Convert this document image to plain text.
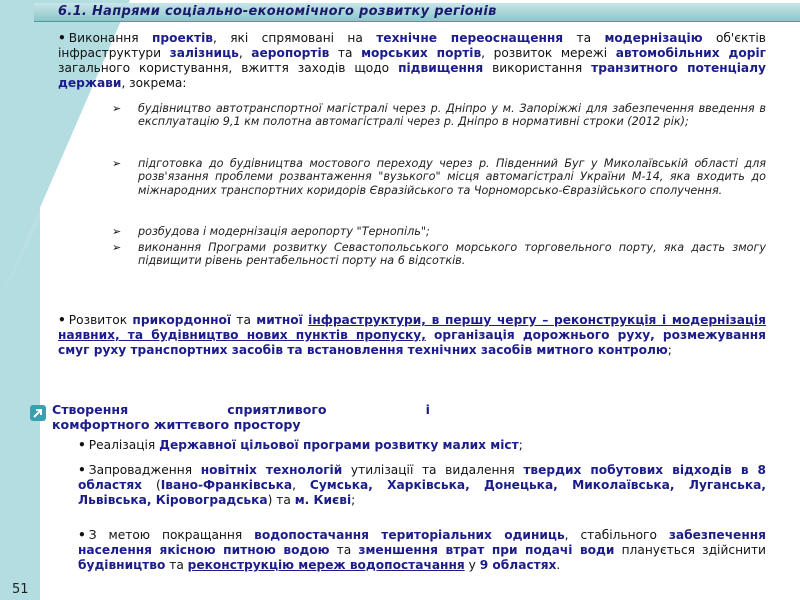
6.1. Напрями соціально-економічного розвитку регіонів
• Виконання проектів, які спрямовані на технічне переоснащення та модернізацію об'єктів інфраструктури залізниць, аеропортів та морських портів, розвиток мережі автомобільних доріг загального користування, вжиття заходів щодо підвищення використання транзитного потенціалу держави, зокрема:
➢ будівництво автотранспортної магістралі через р. Дніпро у м. Запоріжжі для забезпечення введення в експлуатацію 9,1 км полотна автомагістралі через р. Дніпро в нормативні строки (2012 рік);
➢ підготовка до будівництва мостового переходу через р. Південний Буг у Миколаївській області для розв'язання проблеми розвантаження "вузького" місця автомагістралі України М-14, яка входить до міжнародних транспортних коридорів Євразійського та Чорноморсько-Євразійського сполучення.
➢ розбудова і модернізація аеропорту "Тернопіль";
➢ виконання Програми розвитку Севастопольського морського торговельного порту, яка дасть змогу підвищити рівень рентабельності порту на 6 відсотків.
• Розвиток прикордонної та митної інфраструктури, в першу чергу – реконструкція і модернізація наявних, та будівництво нових пунктів пропуску, організація дорожнього руху, розмежування смуг руху транспортних засобів та встановлення технічних засобів митного контролю;
Створення	сприятливого	і
комфортного життєвого простору
• Реалізація Державної цільової програми розвитку малих міст;
• Запровадження новітніх технологій утилізації та видалення твердих побутових відходів в 8 областях (Івано-Франківська, Сумська, Харківська, Донецька, Миколаївська, Луганська, Львівська, Кіровоградська) та м. Києві;
• З метою покращання водопостачання територіальних одиниць, стабільного забезпечення населення якісною питною водою та зменшення втрат при подачі води планується здійснити будівництво та реконструкцію мереж водопостачання у 9 областях.
51
